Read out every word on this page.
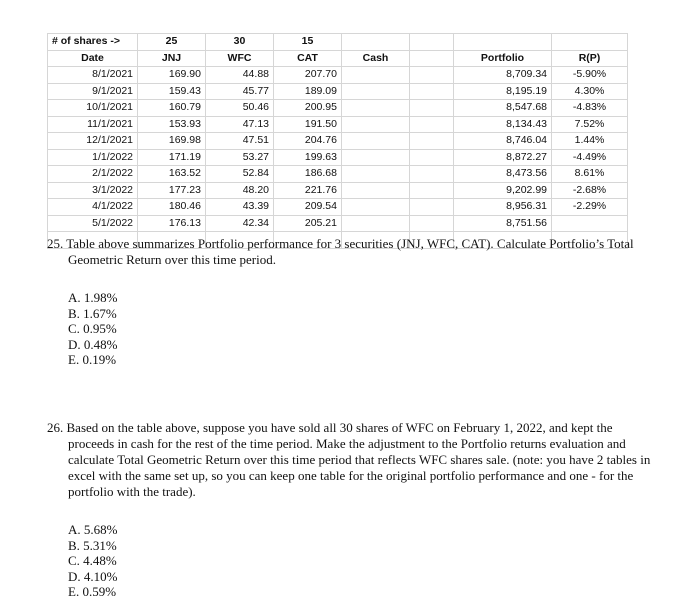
# of shares ->	25	30	15				
Date	JNJ	WFC	CAT	Cash		Portfolio	R(P)
8/1/2021	169.90	44.88	207.70			8,709.34	-5.90%
9/1/2021	159.43	45.77	189.09			8,195.19	4.30%
10/1/2021	160.79	50.46	200.95			8,547.68	-4.83%
11/1/2021	153.93	47.13	191.50			8,134.43	7.52%
12/1/2021	169.98	47.51	204.76			8,746.04	1.44%
1/1/2022	171.19	53.27	199.63			8,872.27	-4.49%
2/1/2022	163.52	52.84	186.68			8,473.56	8.61%
3/1/2022	177.23	48.20	221.76			9,202.99	-2.68%
4/1/2022	180.46	43.39	209.54			8,956.31	-2.29%
5/1/2022	176.13	42.34	205.21			8,751.56	

25. Table above summarizes Portfolio performance for 3 securities (JNJ, WFC, CAT). Calculate Portfolio’s Total Geometric Return over this time period.

A. 1.98%

B. 1.67%

C. 0.95%

D. 0.48%

E. 0.19%

26. Based on the table above, suppose you have sold all 30 shares of WFC on February 1, 2022, and kept the proceeds in cash for the rest of the time period. Make the adjustment to the Portfolio returns evaluation and calculate Total Geometric Return over this time period that reflects WFC shares sale. (note: you have 2 tables in excel with the same set up, so you can keep one table for the original portfolio performance and one - for the portfolio with the trade).

A. 5.68%

B. 5.31%

C. 4.48%

D. 4.10%

E. 0.59%
